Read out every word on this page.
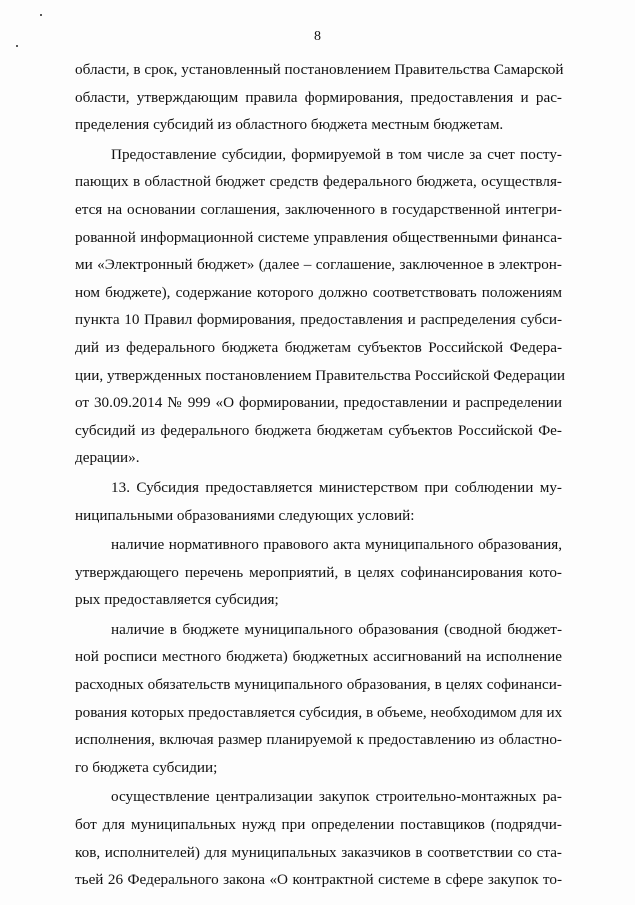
8
области, в срок, установленный постановлением Правительства Самарской
области, утверждающим правила формирования, предоставления и рас-
пределения субсидий из областного бюджета местным бюджетам.
Предоставление субсидии, формируемой в том числе за счет посту-
пающих в областной бюджет средств федерального бюджета, осуществля-
ется на основании соглашения, заключенного в государственной интегри-
рованной информационной системе управления общественными финанса-
ми «Электронный бюджет» (далее – соглашение, заключенное в электрон-
ном бюджете), содержание которого должно соответствовать положениям
пункта 10 Правил формирования, предоставления и распределения субси-
дий из федерального бюджета бюджетам субъектов Российской Федера-
ции, утвержденных постановлением Правительства Российской Федерации
от 30.09.2014 № 999 «О формировании, предоставлении и распределении
субсидий из федерального бюджета бюджетам субъектов Российской Фе-
дерации».
13. Субсидия предоставляется министерством при соблюдении му-
ниципальными образованиями следующих условий:
наличие нормативного правового акта муниципального образования,
утверждающего перечень мероприятий, в целях софинансирования кото-
рых предоставляется субсидия;
наличие в бюджете муниципального образования (сводной бюджет-
ной росписи местного бюджета) бюджетных ассигнований на исполнение
расходных обязательств муниципального образования, в целях софинанси-
рования которых предоставляется субсидия, в объеме, необходимом для их
исполнения, включая размер планируемой к предоставлению из областно-
го бюджета субсидии;
осуществление централизации закупок строительно-монтажных ра-
бот для муниципальных нужд при определении поставщиков (подрядчи-
ков, исполнителей) для муниципальных заказчиков в соответствии со ста-
тьей 26 Федерального закона «О контрактной системе в сфере закупок то-
